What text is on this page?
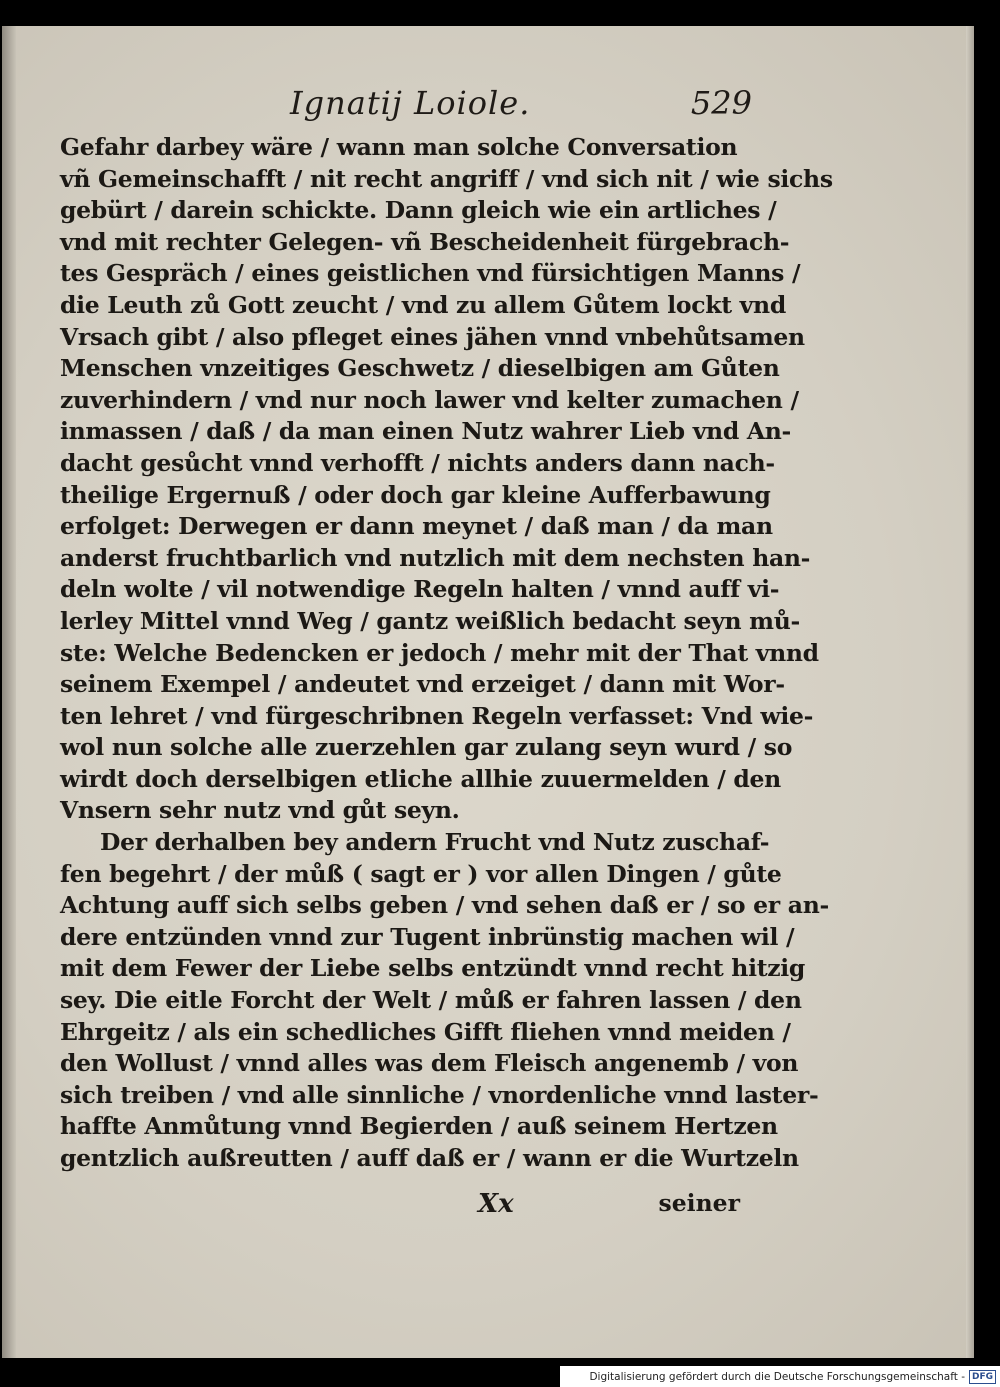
Ignatij Loiole.	529
Gefahr darbey wäre / wann man solche Conversation
vñ Gemeinschafft / nit recht angriff / vnd sich nit / wie sichs
gebürt / darein schickte. Dann gleich wie ein artliches /
vnd mit rechter Gelegen- vñ Bescheidenheit fürgebrach-
tes Gespräch / eines geistlichen vnd fürsichtigen Manns /
die Leuth zů Gott zeucht / vnd zu allem Gůtem lockt vnd
Vrsach gibt / also pfleget eines jähen vnnd vnbehůtsamen
Menschen vnzeitiges Geschwetz / dieselbigen am Gůten
zuverhindern / vnd nur noch lawer vnd kelter zumachen /
inmassen / daß / da man einen Nutz wahrer Lieb vnd An-
dacht gesůcht vnnd verhofft / nichts anders dann nach-
theilige Ergernuß / oder doch gar kleine Aufferbawung
erfolget: Derwegen er dann meynet / daß man / da man
anderst fruchtbarlich vnd nutzlich mit dem nechsten han-
deln wolte / vil notwendige Regeln halten / vnnd auff vi-
lerley Mittel vnnd Weg / gantz weißlich bedacht seyn mů-
ste: Welche Bedencken er jedoch / mehr mit der That vnnd
seinem Exempel / andeutet vnd erzeiget / dann mit Wor-
ten lehret / vnd fürgeschribnen Regeln verfasset: Vnd wie-
wol nun solche alle zuerzehlen gar zulang seyn wurd / so
wirdt doch derselbigen etliche allhie zuuermelden / den
Vnsern sehr nutz vnd gůt seyn.
Der derhalben bey andern Frucht vnd Nutz zuschaf-
fen begehrt / der můß ( sagt er ) vor allen Dingen / gůte
Achtung auff sich selbs geben / vnd sehen daß er / so er an-
dere entzünden vnnd zur Tugent inbrünstig machen wil /
mit dem Fewer der Liebe selbs entzündt vnnd recht hitzig
sey. Die eitle Forcht der Welt / můß er fahren lassen / den
Ehrgeitz / als ein schedliches Gifft fliehen vnnd meiden /
den Wollust / vnnd alles was dem Fleisch angenemb / von
sich treiben / vnd alle sinnliche / vnordenliche vnnd laster-
haffte Anmůtung vnnd Begierden / auß seinem Hertzen
gentzlich außreutten / auff daß er / wann er die Wurtzeln
Xx	seiner
Digitalisierung gefördert durch die Deutsche Forschungsgemeinschaft - DFG
